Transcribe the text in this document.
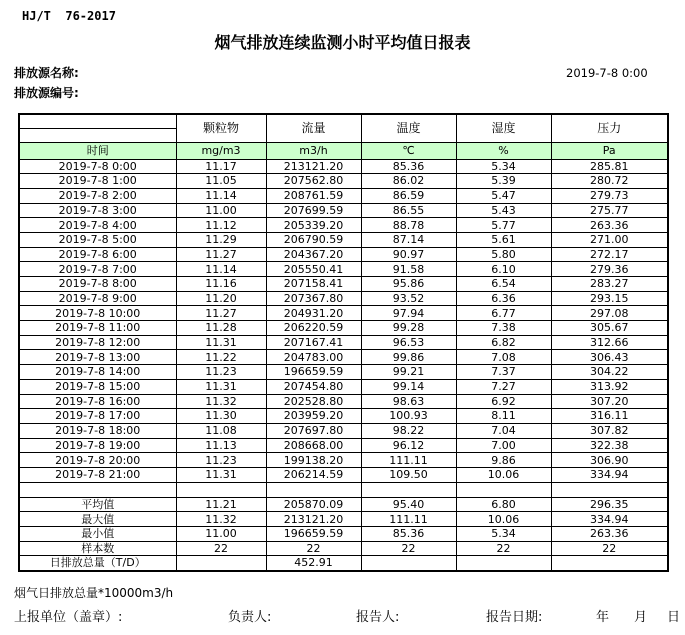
HJ/T  76-2017
烟气排放连续监测小时平均值日报表
排放源名称:
排放源编号:
2019-7-8 0:00
	颗粒物	流量	温度	湿度	压力

时间	mg/m3	m3/h	℃	%	Pa
2019-7-8 0:00	11.17	213121.20	85.36	5.34	285.81
2019-7-8 1:00	11.05	207562.80	86.02	5.39	280.72
2019-7-8 2:00	11.14	208761.59	86.59	5.47	279.73
2019-7-8 3:00	11.00	207699.59	86.55	5.43	275.77
2019-7-8 4:00	11.12	205339.20	88.78	5.77	263.36
2019-7-8 5:00	11.29	206790.59	87.14	5.61	271.00
2019-7-8 6:00	11.27	204367.20	90.97	5.80	272.17
2019-7-8 7:00	11.14	205550.41	91.58	6.10	279.36
2019-7-8 8:00	11.16	207158.41	95.86	6.54	283.27
2019-7-8 9:00	11.20	207367.80	93.52	6.36	293.15
2019-7-8 10:00	11.27	204931.20	97.94	6.77	297.08
2019-7-8 11:00	11.28	206220.59	99.28	7.38	305.67
2019-7-8 12:00	11.31	207167.41	96.53	6.82	312.66
2019-7-8 13:00	11.22	204783.00	99.86	7.08	306.43
2019-7-8 14:00	11.23	196659.59	99.21	7.37	304.22
2019-7-8 15:00	11.31	207454.80	99.14	7.27	313.92
2019-7-8 16:00	11.32	202528.80	98.63	6.92	307.20
2019-7-8 17:00	11.30	203959.20	100.93	8.11	316.11
2019-7-8 18:00	11.08	207697.80	98.22	7.04	307.82
2019-7-8 19:00	11.13	208668.00	96.12	7.00	322.38
2019-7-8 20:00	11.23	199138.20	111.11	9.86	306.90
2019-7-8 21:00	11.31	206214.59	109.50	10.06	334.94

平均值	11.21	205870.09	95.40	6.80	296.35
最大值	11.32	213121.20	111.11	10.06	334.94
最小值	11.00	196659.59	85.36	5.34	263.36
样本数	22	22	22	22	22
日排放总量（T/D）		452.91			
烟气日排放总量*10000m3/h
上报单位（盖章）:	负责人:	报告人:	报告日期:	年 月 日
